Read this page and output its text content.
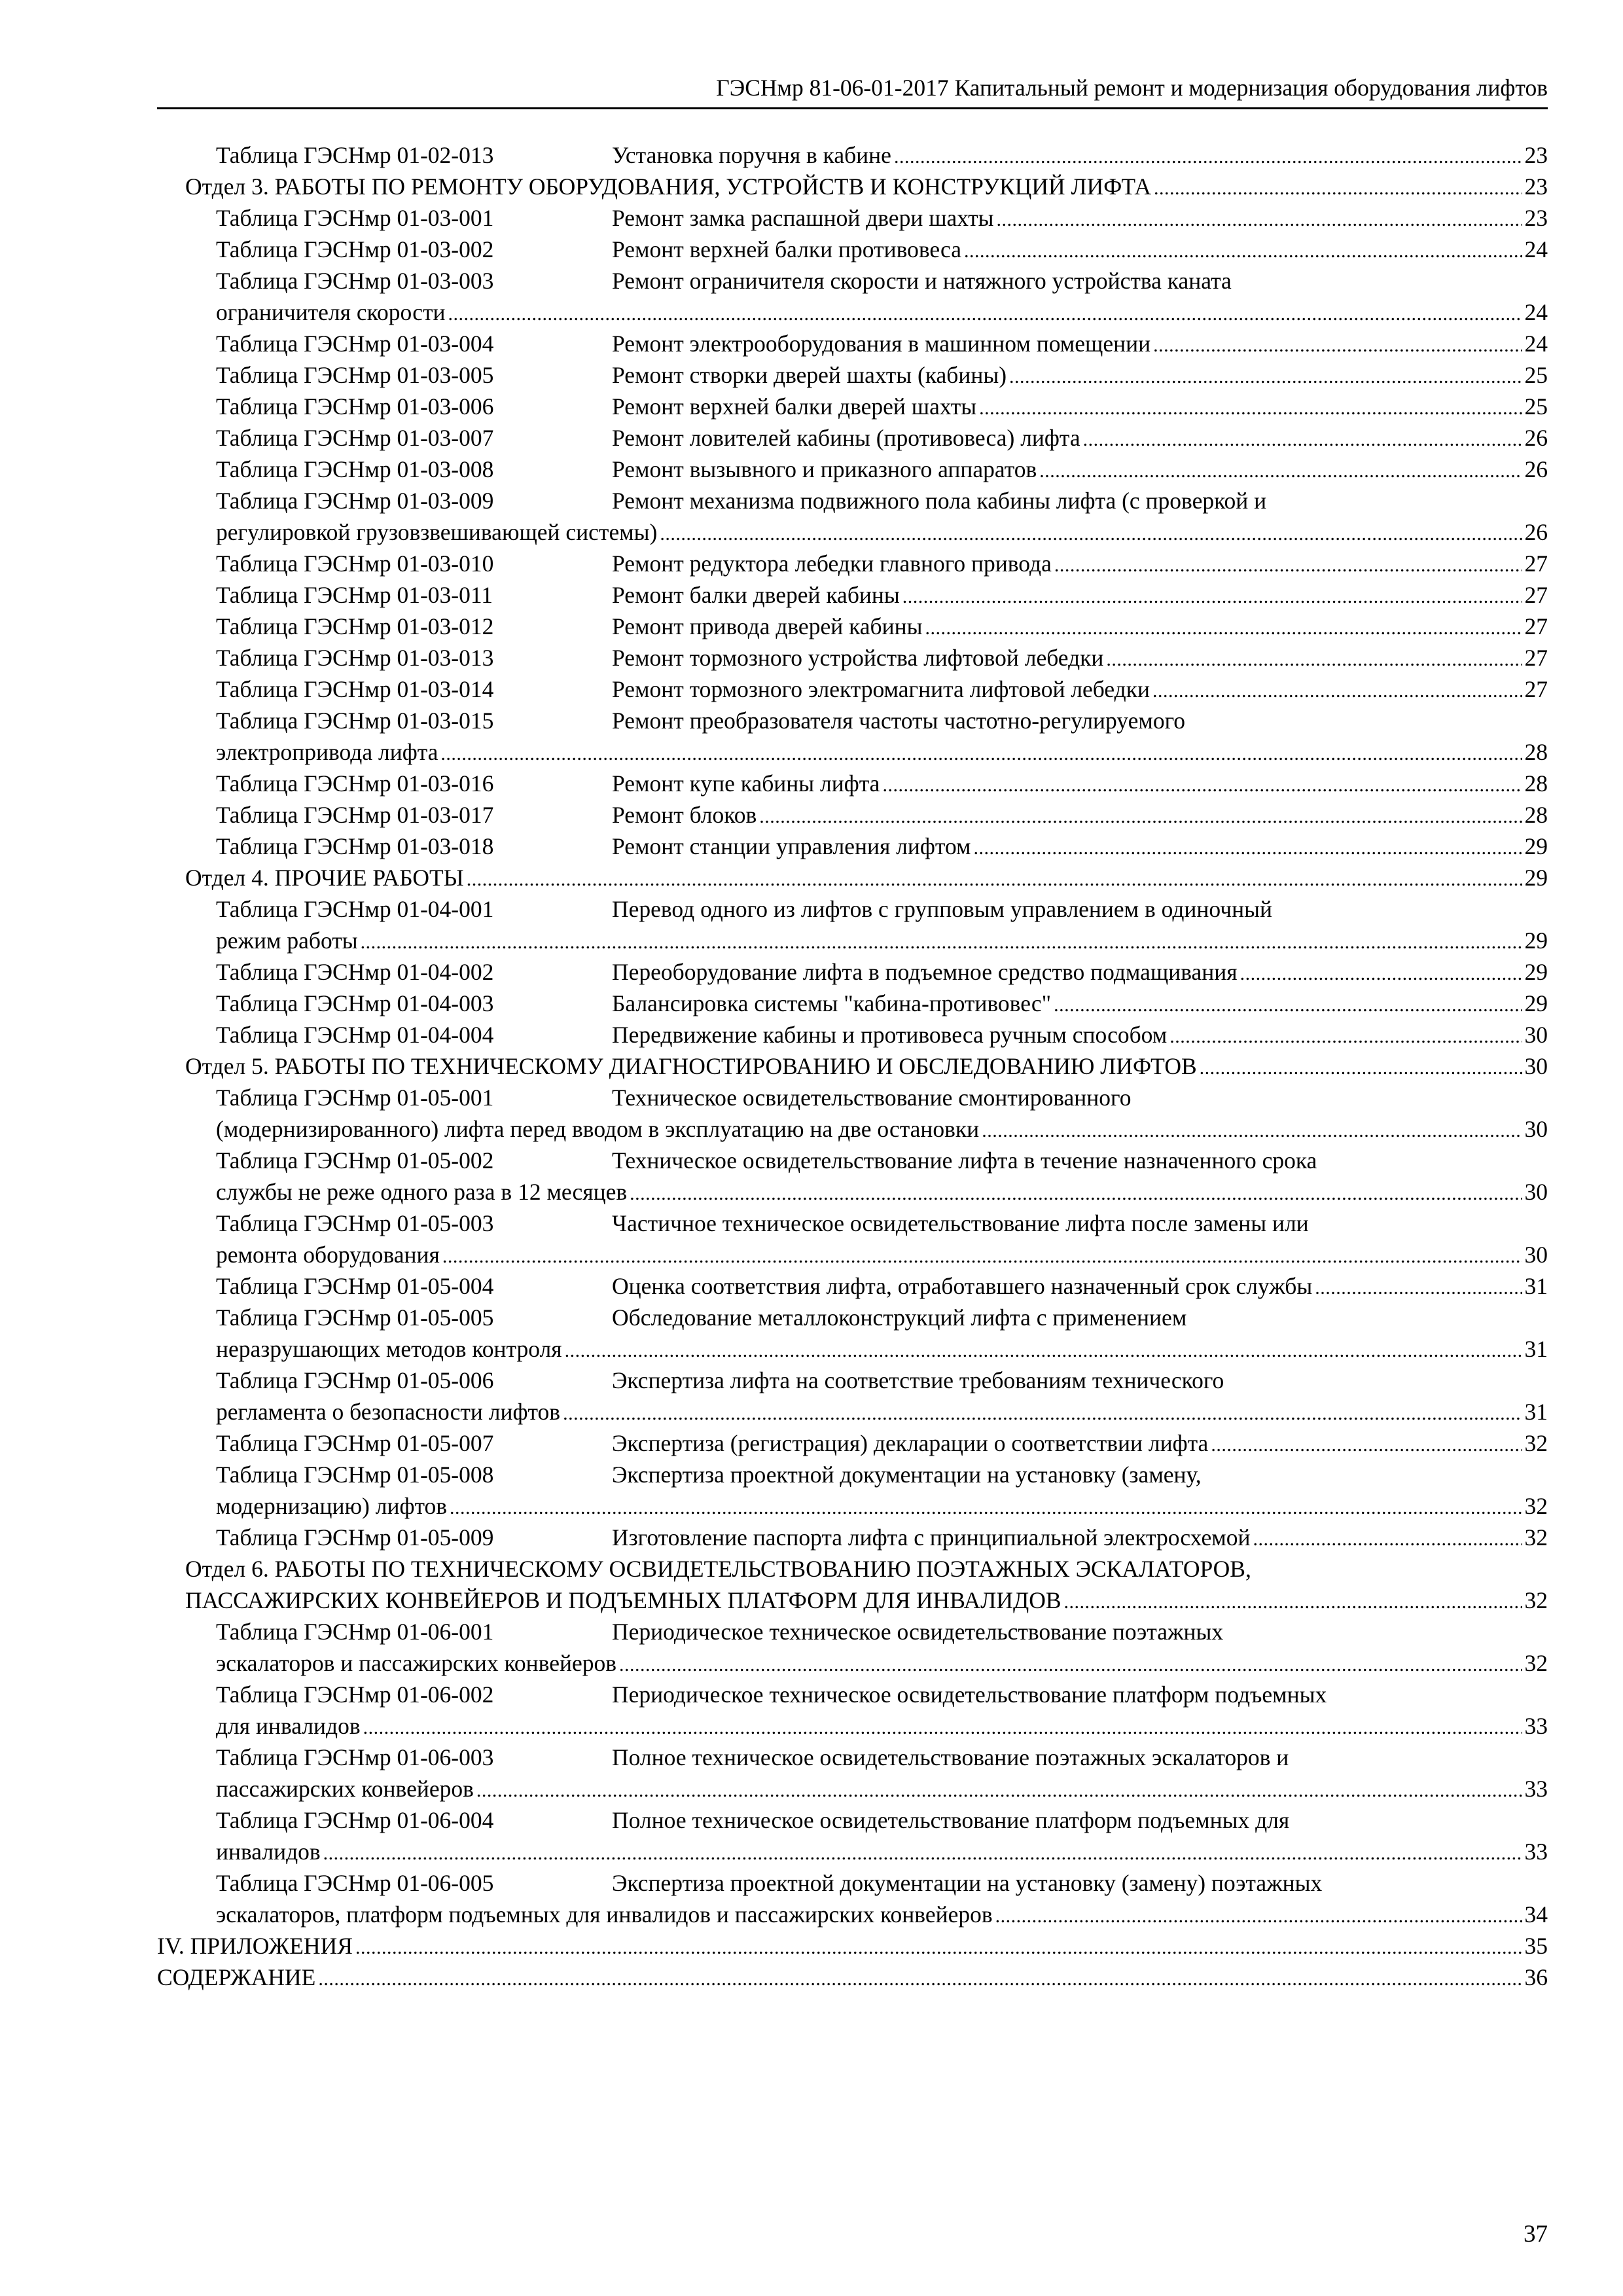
ГЭСНмр 81-06-01-2017 Капитальный ремонт и модернизация оборудования лифтов
Таблица ГЭСНмр 01-02-013	Установка поручня в кабине .....	23
Отдел 3. РАБОТЫ ПО РЕМОНТУ ОБОРУДОВАНИЯ, УСТРОЙСТВ И КОНСТРУКЦИЙ ЛИФТА .....	23
Таблица ГЭСНмр 01-03-001	Ремонт замка распашной двери шахты .....	23
Таблица ГЭСНмр 01-03-002	Ремонт верхней балки противовеса .....	24
Таблица ГЭСНмр 01-03-003	Ремонт ограничителя скорости и натяжного устройства каната
ограничителя скорости .....	24
Таблица ГЭСНмр 01-03-004	Ремонт электрооборудования в машинном помещении .....	24
Таблица ГЭСНмр 01-03-005	Ремонт створки дверей шахты (кабины) .....	25
Таблица ГЭСНмр 01-03-006	Ремонт верхней балки дверей шахты .....	25
Таблица ГЭСНмр 01-03-007	Ремонт ловителей кабины (противовеса) лифта .....	26
Таблица ГЭСНмр 01-03-008	Ремонт вызывного и приказного аппаратов .....	26
Таблица ГЭСНмр 01-03-009	Ремонт механизма подвижного пола кабины лифта (с проверкой и
регулировкой грузовзвешивающей системы) .....	26
Таблица ГЭСНмр 01-03-010	Ремонт редуктора лебедки главного привода .....	27
Таблица ГЭСНмр 01-03-011	Ремонт балки дверей кабины .....	27
Таблица ГЭСНмр 01-03-012	Ремонт привода дверей кабины .....	27
Таблица ГЭСНмр 01-03-013	Ремонт тормозного устройства лифтовой лебедки .....	27
Таблица ГЭСНмр 01-03-014	Ремонт тормозного электромагнита лифтовой лебедки .....	27
Таблица ГЭСНмр 01-03-015	Ремонт преобразователя частоты частотно-регулируемого
электропривода лифта .....	28
Таблица ГЭСНмр 01-03-016	Ремонт купе кабины лифта .....	28
Таблица ГЭСНмр 01-03-017	Ремонт блоков .....	28
Таблица ГЭСНмр 01-03-018	Ремонт станции управления лифтом .....	29
Отдел 4. ПРОЧИЕ РАБОТЫ .....	29
Таблица ГЭСНмр 01-04-001	Перевод одного из лифтов с групповым управлением в одиночный
режим работы .....	29
Таблица ГЭСНмр 01-04-002	Переоборудование лифта в подъемное средство подмащивания .....	29
Таблица ГЭСНмр 01-04-003	Балансировка системы "кабина-противовес" .....	29
Таблица ГЭСНмр 01-04-004	Передвижение кабины и противовеса ручным способом .....	30
Отдел 5. РАБОТЫ ПО ТЕХНИЧЕСКОМУ ДИАГНОСТИРОВАНИЮ И ОБСЛЕДОВАНИЮ ЛИФТОВ .....	30
Таблица ГЭСНмр 01-05-001	Техническое освидетельствование смонтированного
(модернизированного) лифта перед вводом в эксплуатацию на две остановки .....	30
Таблица ГЭСНмр 01-05-002	Техническое освидетельствование лифта в течение назначенного срока
службы не реже одного раза в 12 месяцев .....	30
Таблица ГЭСНмр 01-05-003	Частичное техническое освидетельствование лифта после замены или
ремонта оборудования .....	30
Таблица ГЭСНмр 01-05-004	Оценка соответствия лифта, отработавшего назначенный срок службы .....	31
Таблица ГЭСНмр 01-05-005	Обследование металлоконструкций лифта с применением
неразрушающих методов контроля .....	31
Таблица ГЭСНмр 01-05-006	Экспертиза лифта на соответствие требованиям технического
регламента о безопасности лифтов .....	31
Таблица ГЭСНмр 01-05-007	Экспертиза (регистрация) декларации о соответствии лифта .....	32
Таблица ГЭСНмр 01-05-008	Экспертиза проектной документации на установку (замену,
модернизацию) лифтов .....	32
Таблица ГЭСНмр 01-05-009	Изготовление паспорта лифта с принципиальной электросхемой .....	32
Отдел 6. РАБОТЫ ПО ТЕХНИЧЕСКОМУ ОСВИДЕТЕЛЬСТВОВАНИЮ ПОЭТАЖНЫХ ЭСКАЛАТОРОВ,
ПАССАЖИРСКИХ КОНВЕЙЕРОВ И ПОДЪЕМНЫХ ПЛАТФОРМ ДЛЯ ИНВАЛИДОВ .....	32
Таблица ГЭСНмр 01-06-001	Периодическое техническое освидетельствование поэтажных
эскалаторов и пассажирских конвейеров .....	32
Таблица ГЭСНмр 01-06-002	Периодическое техническое освидетельствование платформ подъемных
для инвалидов .....	33
Таблица ГЭСНмр 01-06-003	Полное техническое освидетельствование поэтажных эскалаторов и
пассажирских конвейеров .....	33
Таблица ГЭСНмр 01-06-004	Полное техническое освидетельствование платформ подъемных для
инвалидов .....	33
Таблица ГЭСНмр 01-06-005	Экспертиза проектной документации на установку (замену) поэтажных
эскалаторов, платформ подъемных для инвалидов и пассажирских конвейеров .....	34
IV. ПРИЛОЖЕНИЯ .....	35
СОДЕРЖАНИЕ .....	36
37
